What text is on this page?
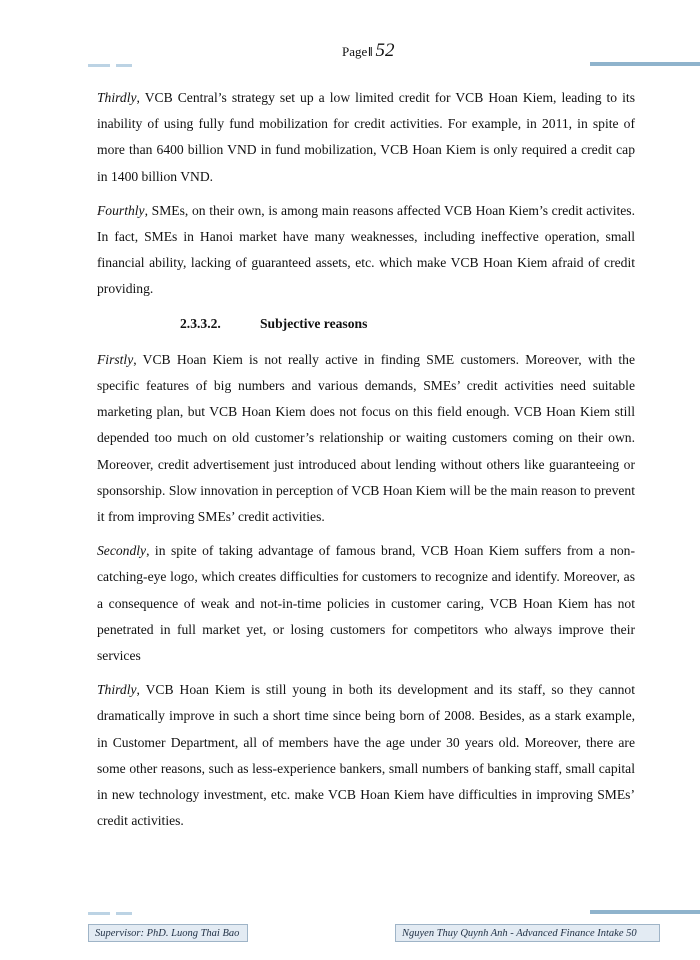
Page‖ 52

Thirdly, VCB Central’s strategy set up a low limited credit for VCB Hoan Kiem, leading to its inability of using fully fund mobilization for credit activities. For example, in 2011, in spite of more than 6400 billion VND in fund mobilization, VCB Hoan Kiem is only required a credit cap in 1400 billion VND.

Fourthly, SMEs, on their own, is among main reasons affected VCB Hoan Kiem’s credit activites. In fact, SMEs in Hanoi market have many weaknesses, including ineffective operation, small financial ability, lacking of guaranteed assets, etc. which make VCB Hoan Kiem afraid of credit providing.

2.3.3.2.	Subjective reasons

Firstly, VCB Hoan Kiem is not really active in finding SME customers. Moreover, with the specific features of big numbers and various demands, SMEs’ credit activities need suitable marketing plan, but VCB Hoan Kiem does not focus on this field enough. VCB Hoan Kiem still depended too much on old customer’s relationship or waiting customers coming on their own. Moreover, credit advertisement just introduced about lending without others like guaranteeing or sponsorship. Slow innovation in perception of VCB Hoan Kiem will be the main reason to prevent it from improving SMEs’ credit activities.

Secondly, in spite of taking advantage of famous brand, VCB Hoan Kiem suffers from a non-catching-eye logo, which creates difficulties for customers to recognize and identify. Moreover, as a consequence of weak and not-in-time policies in customer caring, VCB Hoan Kiem has not penetrated in full market yet, or losing customers for competitors who always improve their services

Thirdly, VCB Hoan Kiem is still young in both its development and its staff, so they cannot dramatically improve in such a short time since being born of 2008. Besides, as a stark example, in Customer Department, all of members have the age under 30 years old. Moreover, there are some other reasons, such as less-experience bankers, small numbers of banking staff, small capital in new technology investment, etc. make VCB Hoan Kiem have difficulties in improving SMEs’ credit activities.

Supervisor: PhD. Luong Thai Bao	Nguyen Thuy Quynh Anh - Advanced Finance Intake 50
